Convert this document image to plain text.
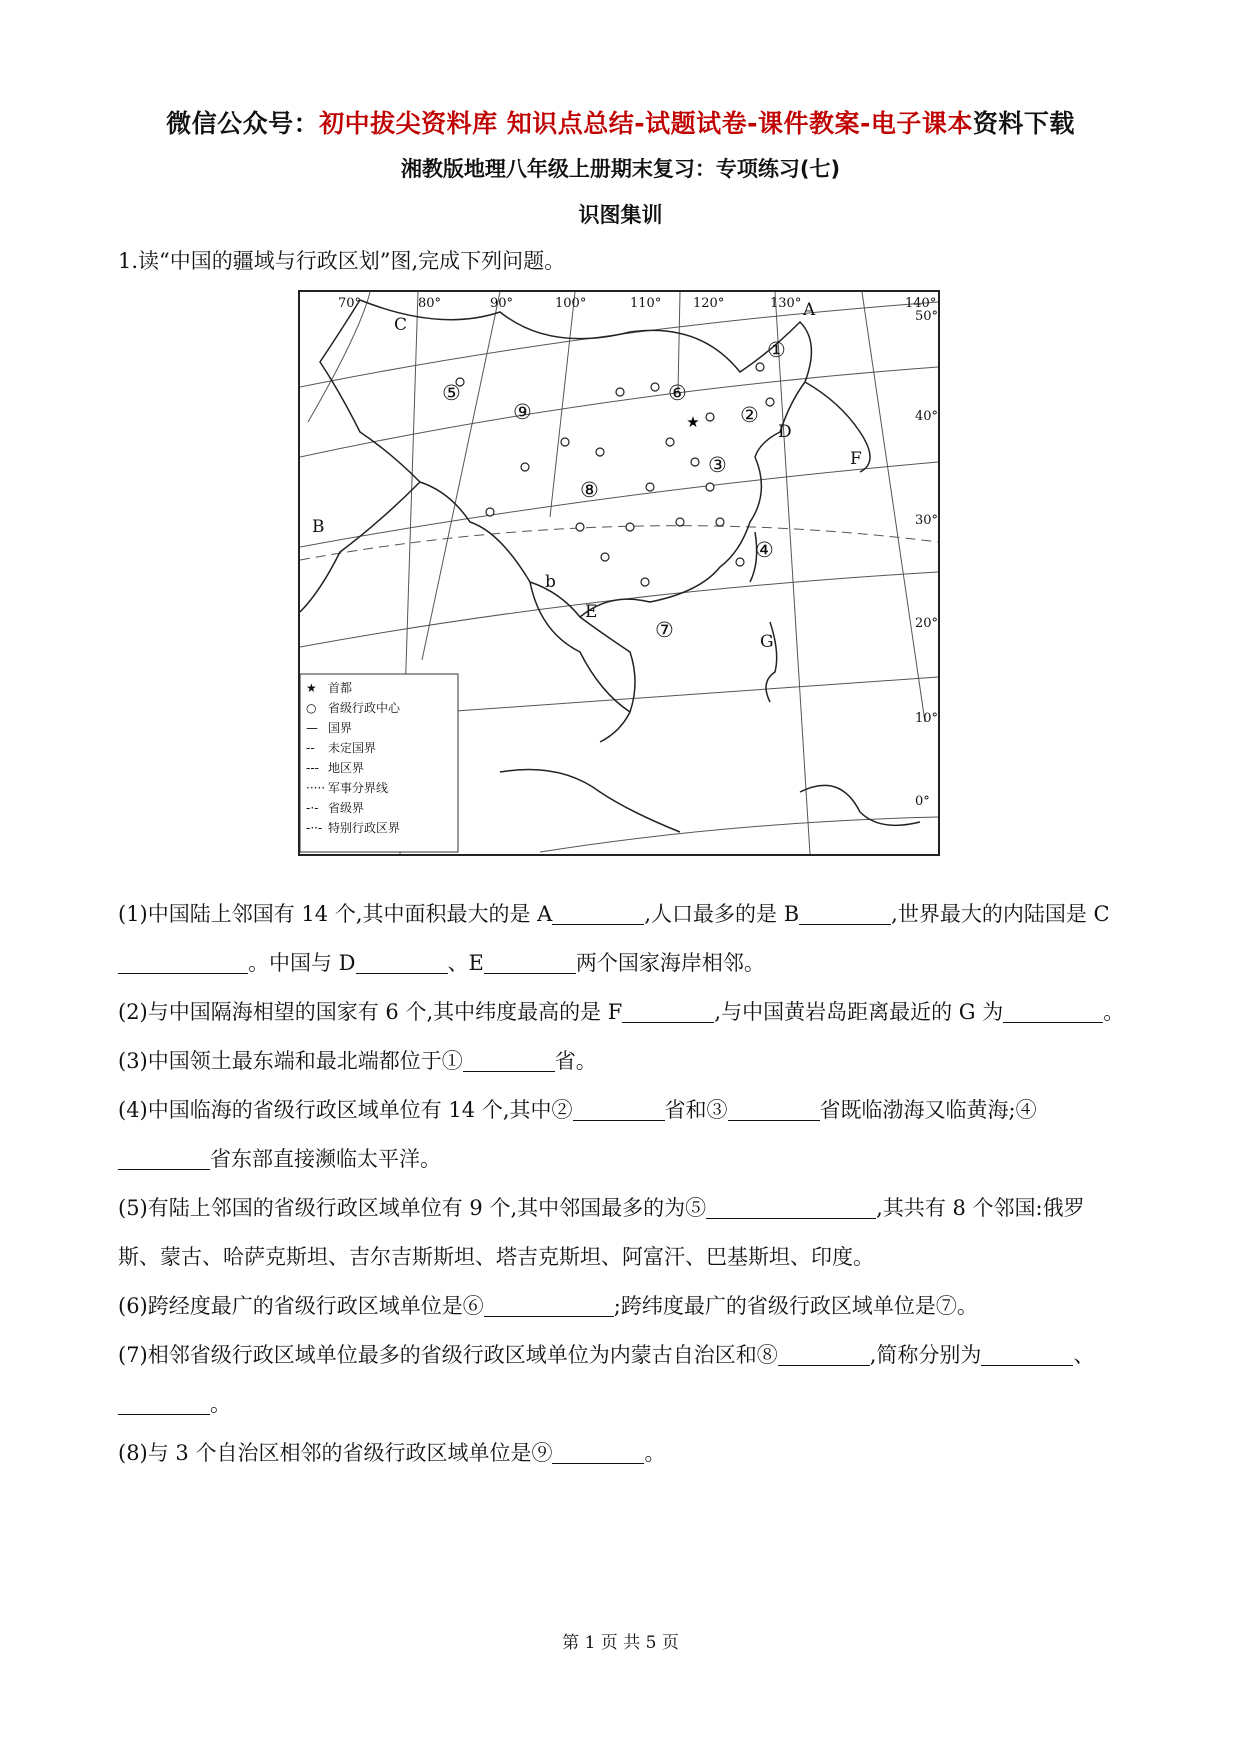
微信公众号：初中拔尖资料库 知识点总结-试题试卷-课件教案-电子课本资料下载
湘教版地理八年级上册期末复习：专项练习(七)
识图集训
1.读“中国的疆域与行政区划”图,完成下列问题。
★
70°	80°	90°	100°	110° 120°	130°	140°
50°
40°
30°
20°
10°
0°
A
B
C
D
E
F
G
b
①
②
③
④
⑤	⑥
⑦
⑧
⑨
★ 首都
○ 省级行政中心
— 国界
-- 未定国界
--- 地区界
····· 军事分界线
-·- 省级界
-··- 特别行政区界

(1)中国陆上邻国有 14 个,其中面积最大的是 A	,人口最多的是 B	,世界最大的内陆国是 C。中国与 D	、E	两个国家海岸相邻。

(2)与中国隔海相望的国家有 6 个,其中纬度最高的是 F	,与中国黄岩岛距离最近的 G 为	。

(3)中国领土最东端和最北端都位于①	省。

(4)中国临海的省级行政区域单位有 14 个,其中②	省和③	省既临渤海又临黄海;④省东部直接濒临太平洋。

(5)有陆上邻国的省级行政区域单位有 9 个,其中邻国最多的为⑤	,其共有 8 个邻国:俄罗斯、蒙古、哈萨克斯坦、吉尔吉斯斯坦、塔吉克斯坦、阿富汗、巴基斯坦、印度。

(6)跨经度最广的省级行政区域单位是⑥	;跨纬度最广的省级行政区域单位是⑦。

(7)相邻省级行政区域单位最多的省级行政区域单位为内蒙古自治区和⑧	,简称分别为	、。

(8)与 3 个自治区相邻的省级行政区域单位是⑨	。

第 1 页 共 5 页
